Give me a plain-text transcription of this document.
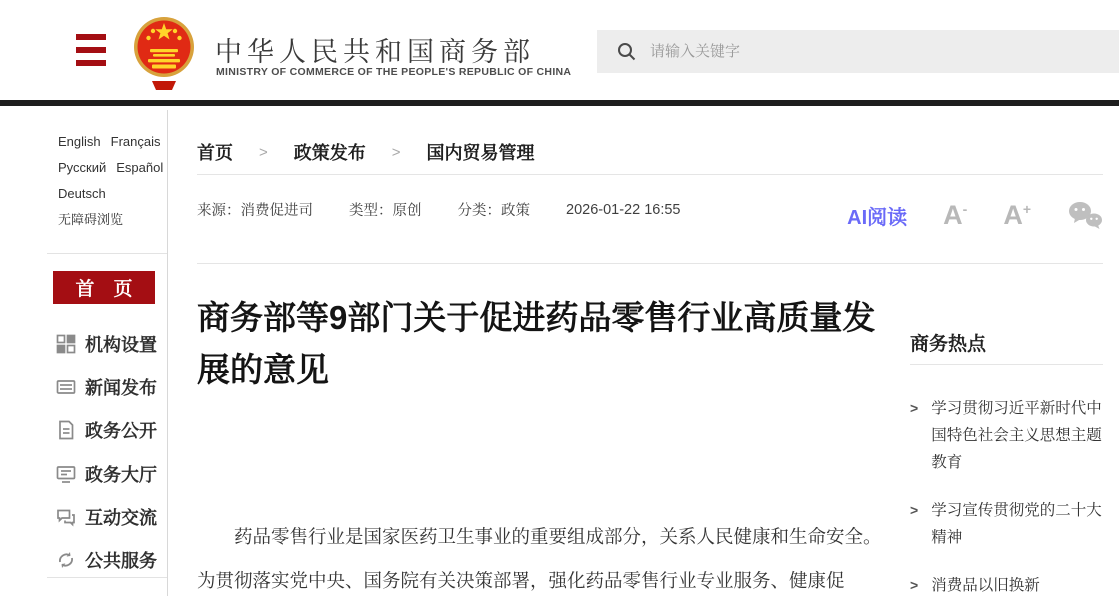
中华人民共和国商务部
MINISTRY OF COMMERCE OF THE PEOPLE'S REPUBLIC OF CHINA
请输入关键字
English Français
Русский Español
Deutsch
无障碍浏览
首　页
机构设置
新闻发布
政务公开
政务大厅
互动交流
公共服务
首页 > 政策发布 > 国内贸易管理
来源：消费促进司 类型：原创 分类：政策 2026-01-22 16:55	AI阅读 A- A+
商务部等9部门关于促进药品零售行业高质量发展的意见

药品零售行业是国家医药卫生事业的重要组成部分，关系人民健康和生命安全。为贯彻落实党中央、国务院有关决策部署，强化药品零售行业专业服务、健康促

商务热点
> 学习贯彻习近平新时代中国特色社会主义思想主题教育
> 学习宣传贯彻党的二十大精神
> 消费品以旧换新
